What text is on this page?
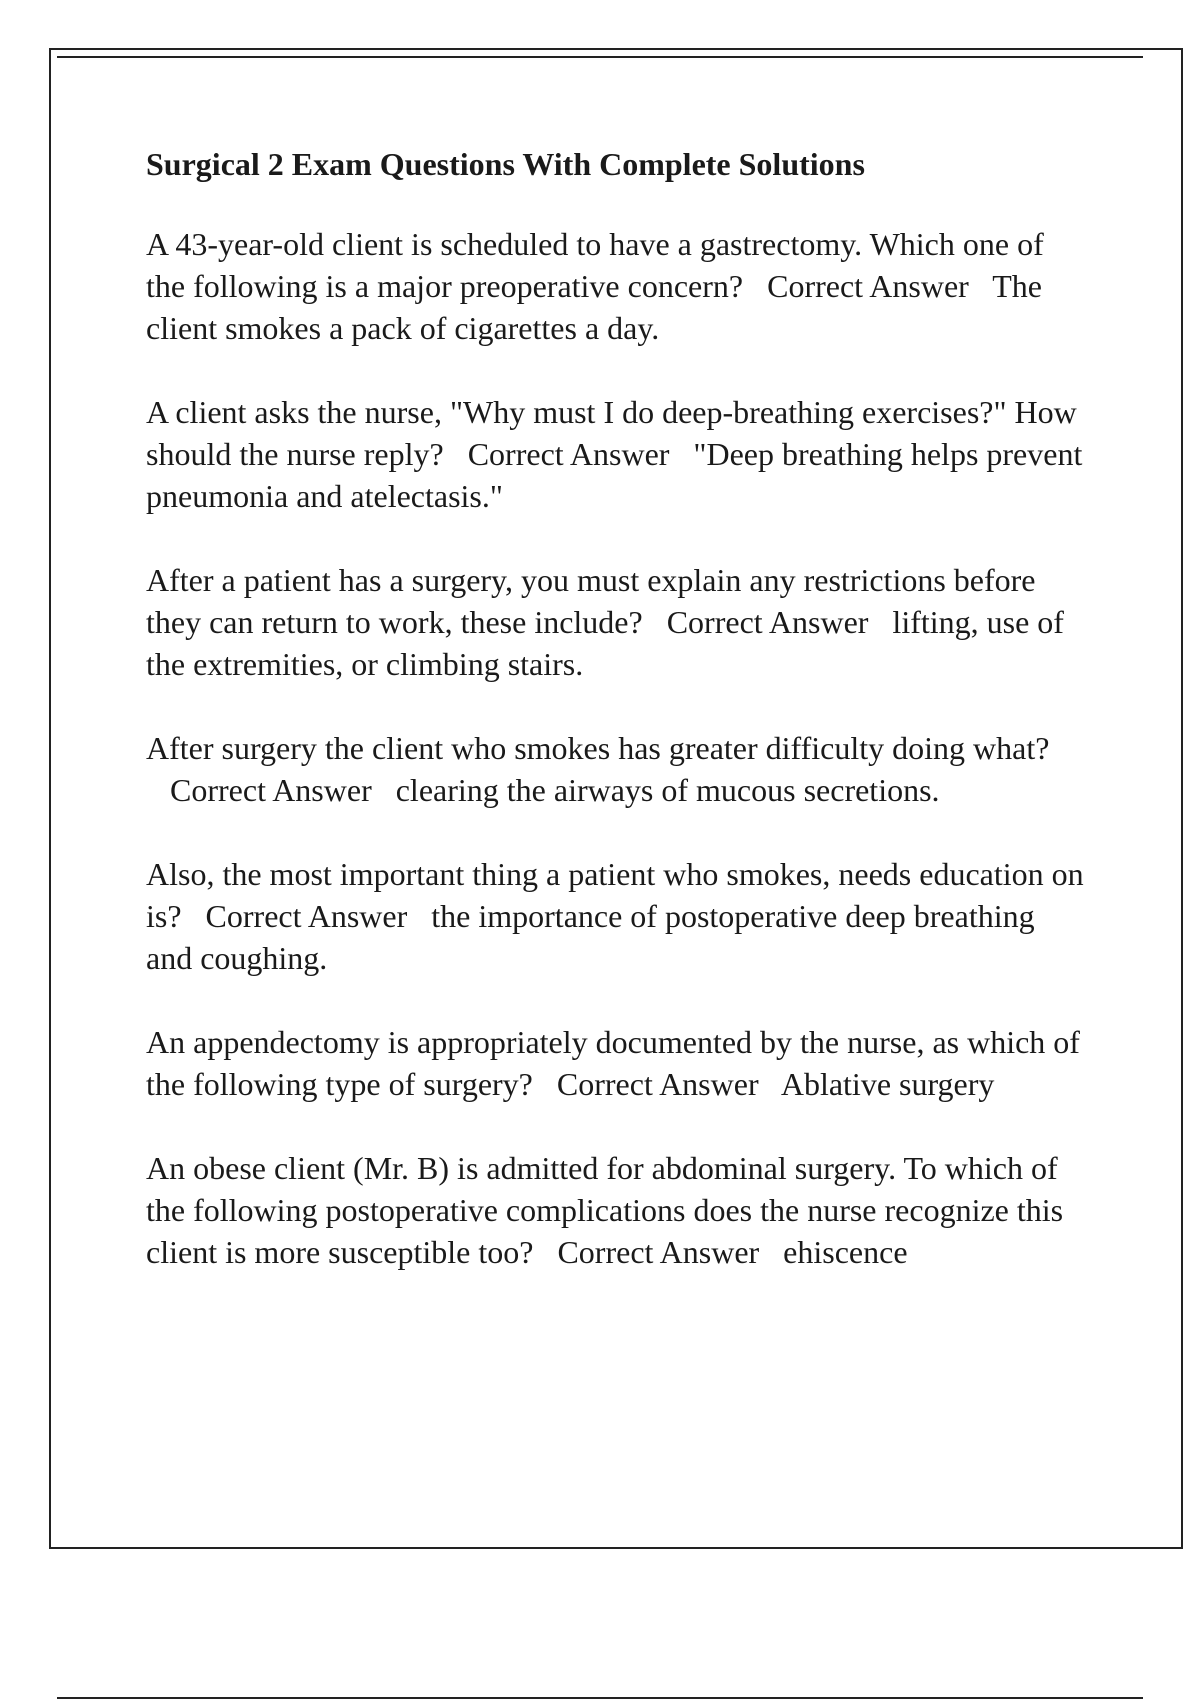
Surgical 2 Exam Questions With Complete Solutions

A 43-year-old client is scheduled to have a gastrectomy. Which one of the following is a major preoperative concern? Correct Answer The client smokes a pack of cigarettes a day.

A client asks the nurse, "Why must I do deep-breathing exercises?" How should the nurse reply? Correct Answer "Deep breathing helps prevent pneumonia and atelectasis."

After a patient has a surgery, you must explain any restrictions before they can return to work, these include? Correct Answer lifting, use of the extremities, or climbing stairs.

After surgery the client who smokes has greater difficulty doing what?   Correct Answer clearing the airways of mucous secretions.

Also, the most important thing a patient who smokes, needs education on is? Correct Answer the importance of postoperative deep breathing and coughing.

An appendectomy is appropriately documented by the nurse, as which of the following type of surgery? Correct Answer Ablative surgery

An obese client (Mr. B) is admitted for abdominal surgery. To which of the following postoperative complications does the nurse recognize this client is more susceptible too? Correct Answer ehiscence
